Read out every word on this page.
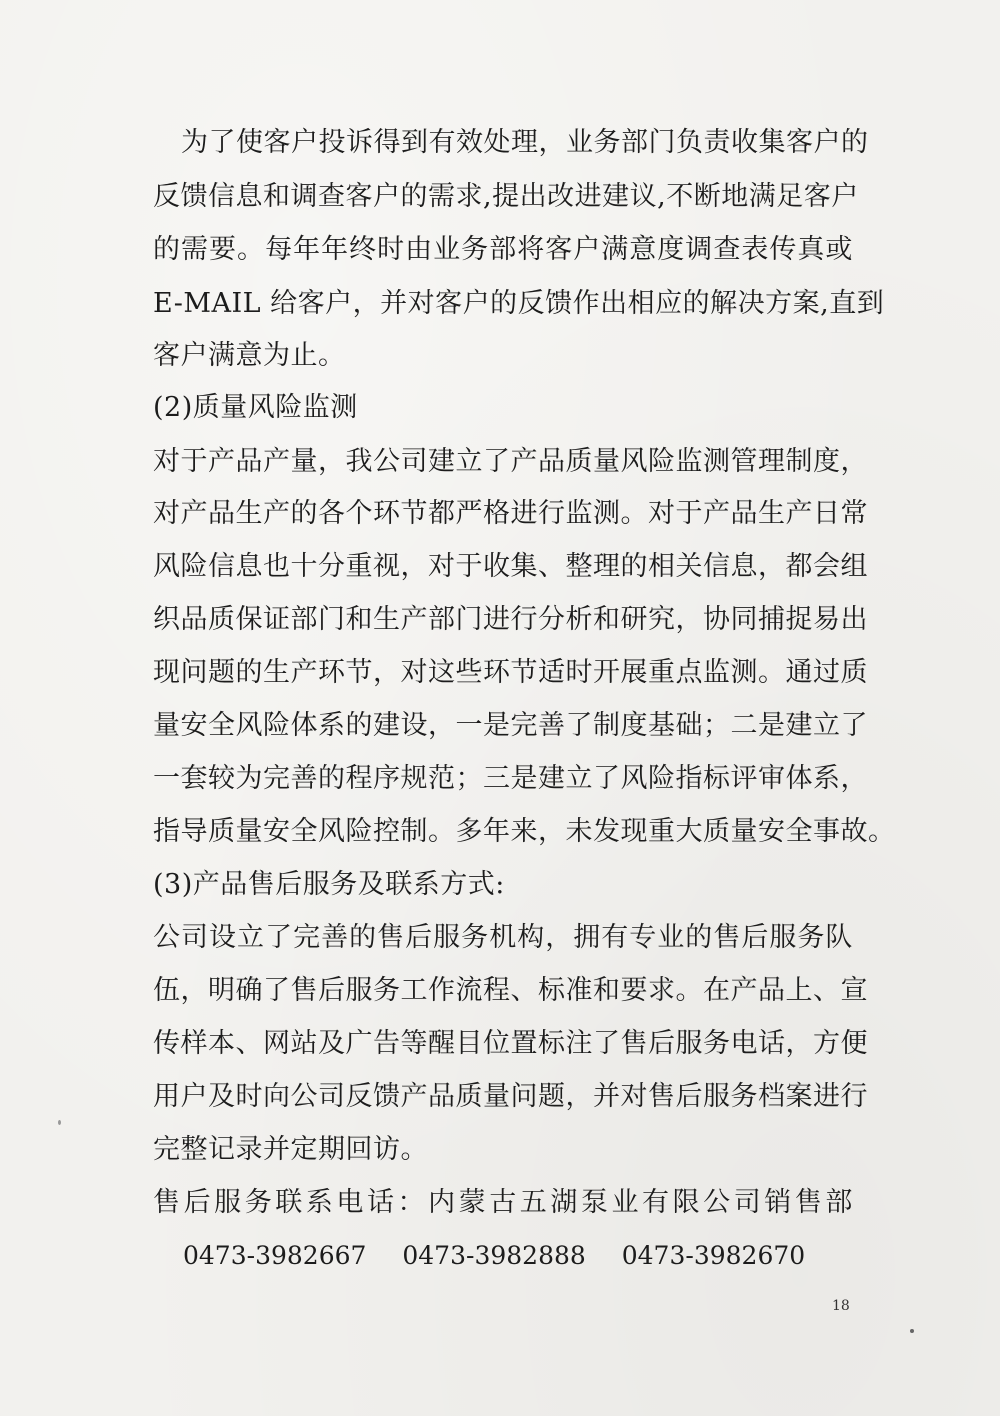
为了使客户投诉得到有效处理，业务部门负责收集客户的
反 馈 信 息 和 调 查 客 户 的 需 求 , 提 出 改 进 建 议 , 不 断 地 满 足 客 户
的 需 要 。 每 年 年 终 时 由 业 务 部 将 客 户 满 意 度 调 查 表 传 真 或
E-MAIL 给客户，并对客户的反馈作出相应的解决方案,直到
客户满意为止。
(2)质量风险监测
对于产品产量，我公司建立了产品质量风险监测管理制度，
对 产 品 生 产 的 各 个 环 节 都 严 格 进 行 监 测 。 对 于 产 品 生 产 日 常
风 险 信 息 也 十 分 重 视 ， 对 于 收 集 、 整 理 的 相 关 信 息 ， 都 会 组
织 品 质 保 证 部 门 和 生 产 部 门 进 行 分 析 和 研 究 ， 协 同 捕 捉 易 出
现 问 题 的 生 产 环 节 ， 对 这 些 环 节 适 时 开 展 重 点 监 测 。 通 过 质
量 安 全 风 险 体 系 的 建 设 ， 一 是 完 善 了 制 度 基 础 ； 二 是 建 立 了
一套较为完善的程序规范；三是建立了风险指标评审体系，
指 导 质 量 安 全 风 险 控 制 。 多 年 来 ， 未 发 现 重 大 质 量 安 全 事 故 。
(3)产品售后服务及联系方式:
公 司 设 立 了 完 善 的 售 后 服 务 机 构 ， 拥 有 专 业 的 售 后 服 务 队
伍 ， 明 确 了 售 后 服 务 工 作 流 程 、 标 准 和 要 求 。 在 产 品 上 、 宣
传 样 本 、 网 站 及 广 告 等 醒 目 位 置 标 注 了 售 后 服 务 电 话 ， 方 便
用 户 及 时 向 公 司 反 馈 产 品 质 量 问 题 ， 并 对 售 后 服 务 档 案 进 行
完整记录并定期回访。
售 后 服 务 联 系 电 话 ： 内 蒙 古 五 湖 泵 业 有 限 公 司 销 售 部
0473-3982667 0473-3982888 0473-3982670
18
